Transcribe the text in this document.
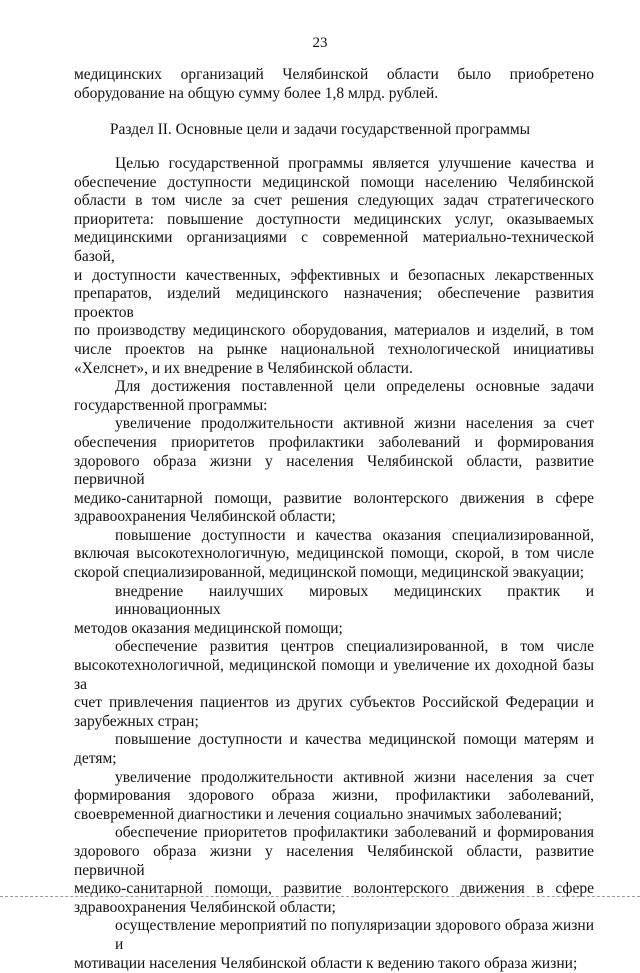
23
медицинских организаций Челябинской области было приобретено
оборудование на общую сумму более 1,8 млрд. рублей.
Раздел II. Основные цели и задачи государственной программы
Целью государственной программы является улучшение качества и
обеспечение доступности медицинской помощи населению Челябинской
области в том числе за счет решения следующих задач стратегического
приоритета: повышение доступности медицинских услуг, оказываемых
медицинскими организациями с современной материально-технической базой,
и доступности качественных, эффективных и безопасных лекарственных
препаратов, изделий медицинского назначения; обеспечение развития проектов
по производству медицинского оборудования, материалов и изделий, в том
числе проектов на рынке национальной технологической инициативы
«Хелснет», и их внедрение в Челябинской области.
Для достижения поставленной цели определены основные задачи
государственной программы:
увеличение продолжительности активной жизни населения за счет
обеспечения приоритетов профилактики заболеваний и формирования
здорового образа жизни у населения Челябинской области, развитие первичной
медико-санитарной помощи, развитие волонтерского движения в сфере
здравоохранения Челябинской области;
повышение доступности и качества оказания специализированной,
включая высокотехнологичную, медицинской помощи, скорой, в том числе
скорой специализированной, медицинской помощи, медицинской эвакуации;
внедрение наилучших мировых медицинских практик и инновационных
методов оказания медицинской помощи;
обеспечение развития центров специализированной, в том числе
высокотехнологичной, медицинской помощи и увеличение их доходной базы за
счет привлечения пациентов из других субъектов Российской Федерации и
зарубежных стран;
повышение доступности и качества медицинской помощи матерям и
детям;
увеличение продолжительности активной жизни населения за счет
формирования здорового образа жизни, профилактики заболеваний,
своевременной диагностики и лечения социально значимых заболеваний;
обеспечение приоритетов профилактики заболеваний и формирования
здорового образа жизни у населения Челябинской области, развитие первичной
медико-санитарной помощи, развитие волонтерского движения в сфере
здравоохранения Челябинской области;
осуществление мероприятий по популяризации здорового образа жизни и
мотивации населения Челябинской области к ведению такого образа жизни;
